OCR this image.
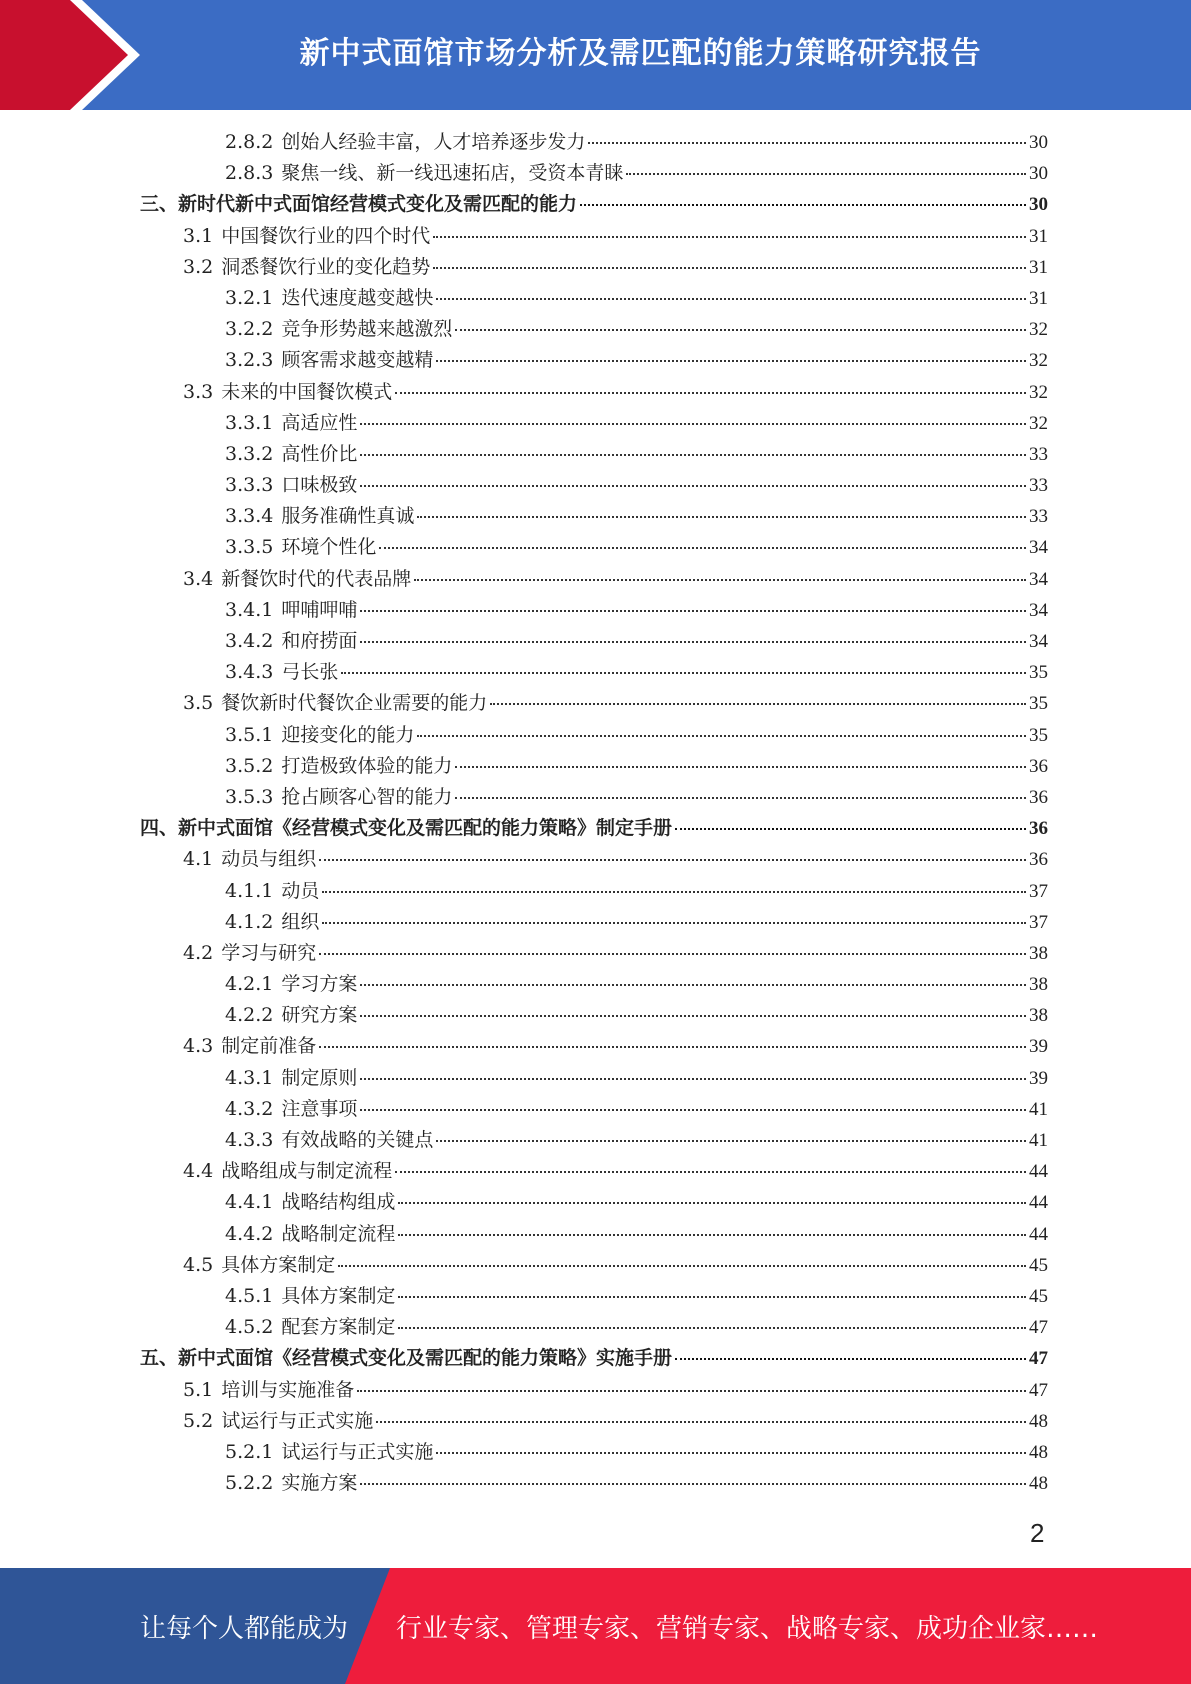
新中式面馆市场分析及需匹配的能力策略研究报告
2.8.2 创始人经验丰富，人才培养逐步发力	30
2.8.3 聚焦一线、新一线迅速拓店，受资本青睐	30
三、新时代新中式面馆经营模式变化及需匹配的能力	30
3.1 中国餐饮行业的四个时代	31
3.2 洞悉餐饮行业的变化趋势	31
3.2.1 迭代速度越变越快	31
3.2.2 竞争形势越来越激烈	32
3.2.3 顾客需求越变越精	32
3.3 未来的中国餐饮模式	32
3.3.1 高适应性	32
3.3.2 高性价比	33
3.3.3 口味极致	33
3.3.4 服务准确性真诚	33
3.3.5 环境个性化	34
3.4 新餐饮时代的代表品牌	34
3.4.1 呷哺呷哺	34
3.4.2 和府捞面	34
3.4.3 弓长张	35
3.5 餐饮新时代餐饮企业需要的能力	35
3.5.1 迎接变化的能力	35
3.5.2 打造极致体验的能力	36
3.5.3 抢占顾客心智的能力	36
四、新中式面馆《经营模式变化及需匹配的能力策略》制定手册	36
4.1 动员与组织	36
4.1.1 动员	37
4.1.2 组织	37
4.2 学习与研究	38
4.2.1 学习方案	38
4.2.2 研究方案	38
4.3 制定前准备	39
4.3.1 制定原则	39
4.3.2 注意事项	41
4.3.3 有效战略的关键点	41
4.4 战略组成与制定流程	44
4.4.1 战略结构组成	44
4.4.2 战略制定流程	44
4.5 具体方案制定	45
4.5.1 具体方案制定	45
4.5.2 配套方案制定	47
五、新中式面馆《经营模式变化及需匹配的能力策略》实施手册	47
5.1 培训与实施准备	47
5.2 试运行与正式实施	48
5.2.1 试运行与正式实施	48
5.2.2 实施方案	48
2
让每个人都能成为 行业专家、管理专家、营销专家、战略专家、成功企业家……
